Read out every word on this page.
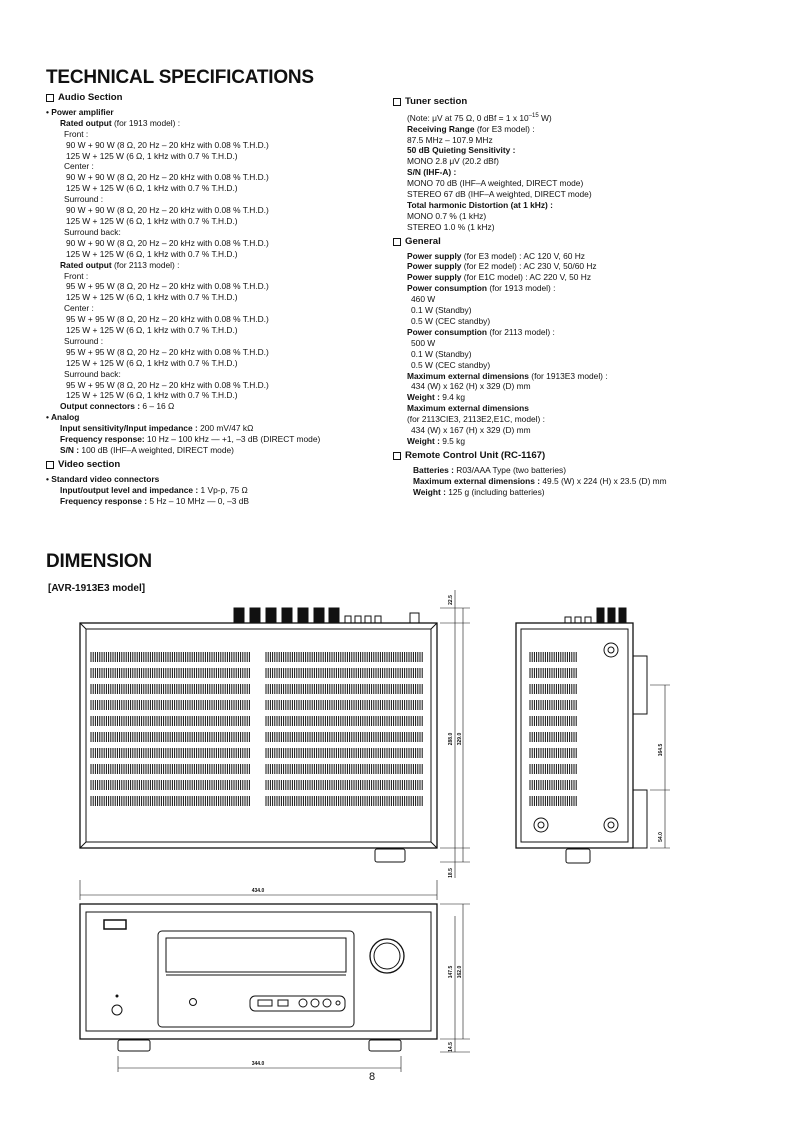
TECHNICAL SPECIFICATIONS
Audio Section
• Power amplifier
Rated output (for 1913 model) :
Front :
90 W + 90 W (8 Ω, 20 Hz – 20 kHz with 0.08 % T.H.D.)
125 W + 125 W (6 Ω, 1 kHz with 0.7 % T.H.D.)
Center :
90 W + 90 W (8 Ω, 20 Hz – 20 kHz with 0.08 % T.H.D.)
125 W + 125 W (6 Ω, 1 kHz with 0.7 % T.H.D.)
Surround :
90 W + 90 W (8 Ω, 20 Hz – 20 kHz with 0.08 % T.H.D.)
125 W + 125 W (6 Ω, 1 kHz with 0.7 % T.H.D.)
Surround back:
90 W + 90 W (8 Ω, 20 Hz – 20 kHz with 0.08 % T.H.D.)
125 W + 125 W (6 Ω, 1 kHz with 0.7 % T.H.D.)
Rated output (for 2113 model) :
Front :
95 W + 95 W (8 Ω, 20 Hz – 20 kHz with 0.08 % T.H.D.)
125 W + 125 W (6 Ω, 1 kHz with 0.7 % T.H.D.)
Center :
95 W + 95 W (8 Ω, 20 Hz – 20 kHz with 0.08 % T.H.D.)
125 W + 125 W (6 Ω, 1 kHz with 0.7 % T.H.D.)
Surround :
95 W + 95 W (8 Ω, 20 Hz – 20 kHz with 0.08 % T.H.D.)
125 W + 125 W (6 Ω, 1 kHz with 0.7 % T.H.D.)
Surround back:
95 W + 95 W (8 Ω, 20 Hz – 20 kHz with 0.08 % T.H.D.)
125 W + 125 W (6 Ω, 1 kHz with 0.7 % T.H.D.)
Output connectors : 6 – 16 Ω
• Analog
Input sensitivity/Input impedance : 200 mV/47 kΩ
Frequency response: 10 Hz – 100 kHz — +1, –3 dB (DIRECT mode)
S/N : 100 dB (IHF–A weighted, DIRECT mode)
Video section
• Standard video connectors
Input/output level and impedance : 1 Vp-p, 75 Ω
Frequency response : 5 Hz – 10 MHz — 0, –3 dB
Tuner section
(Note: μV at 75 Ω, 0 dBf = 1 x $10^{-15}$ W)
Receiving Range (for E3 model) :
87.5 MHz – 107.9 MHz
50 dB Quieting Sensitivity :
MONO 2.8 μV (20.2 dBf)
S/N (IHF-A) :
MONO 70 dB (IHF–A weighted, DIRECT mode)
STEREO 67 dB (IHF–A weighted, DIRECT mode)
Total harmonic Distortion (at 1 kHz) :
MONO 0.7 % (1 kHz)
STEREO 1.0 % (1 kHz)
General
Power supply (for E3 model) : AC 120 V, 60 Hz
Power supply (for E2 model) : AC 230 V, 50/60 Hz
Power supply (for E1C model) : AC 220 V, 50 Hz
Power consumption (for 1913 model) :
460 W
0.1 W (Standby)
0.5 W (CEC standby)
Power consumption (for 2113 model) :
500 W
0.1 W (Standby)
0.5 W (CEC standby)
Maximum external dimensions (for 1913E3 model) :
434 (W) x 162 (H) x 329 (D) mm
Weight : 9.4 kg
Maximum external dimensions
(for 2113CIE3, 2113E2,E1C, model) :
434 (W) x 167 (H) x 329 (D) mm
Weight : 9.5 kg
Remote Control Unit (RC-1167)
Batteries : R03/AAA Type (two batteries)
Maximum external dimensions : 49.5 (W) x 224 (H) x 23.5 (D) mm
Weight : 125 g (including batteries)
DIMENSION
[AVR-1913E3 model]
22.5
288.0 329.0
18.5
434.0
164.5
54.0
147.5 162.0
14.5
344.0
8
